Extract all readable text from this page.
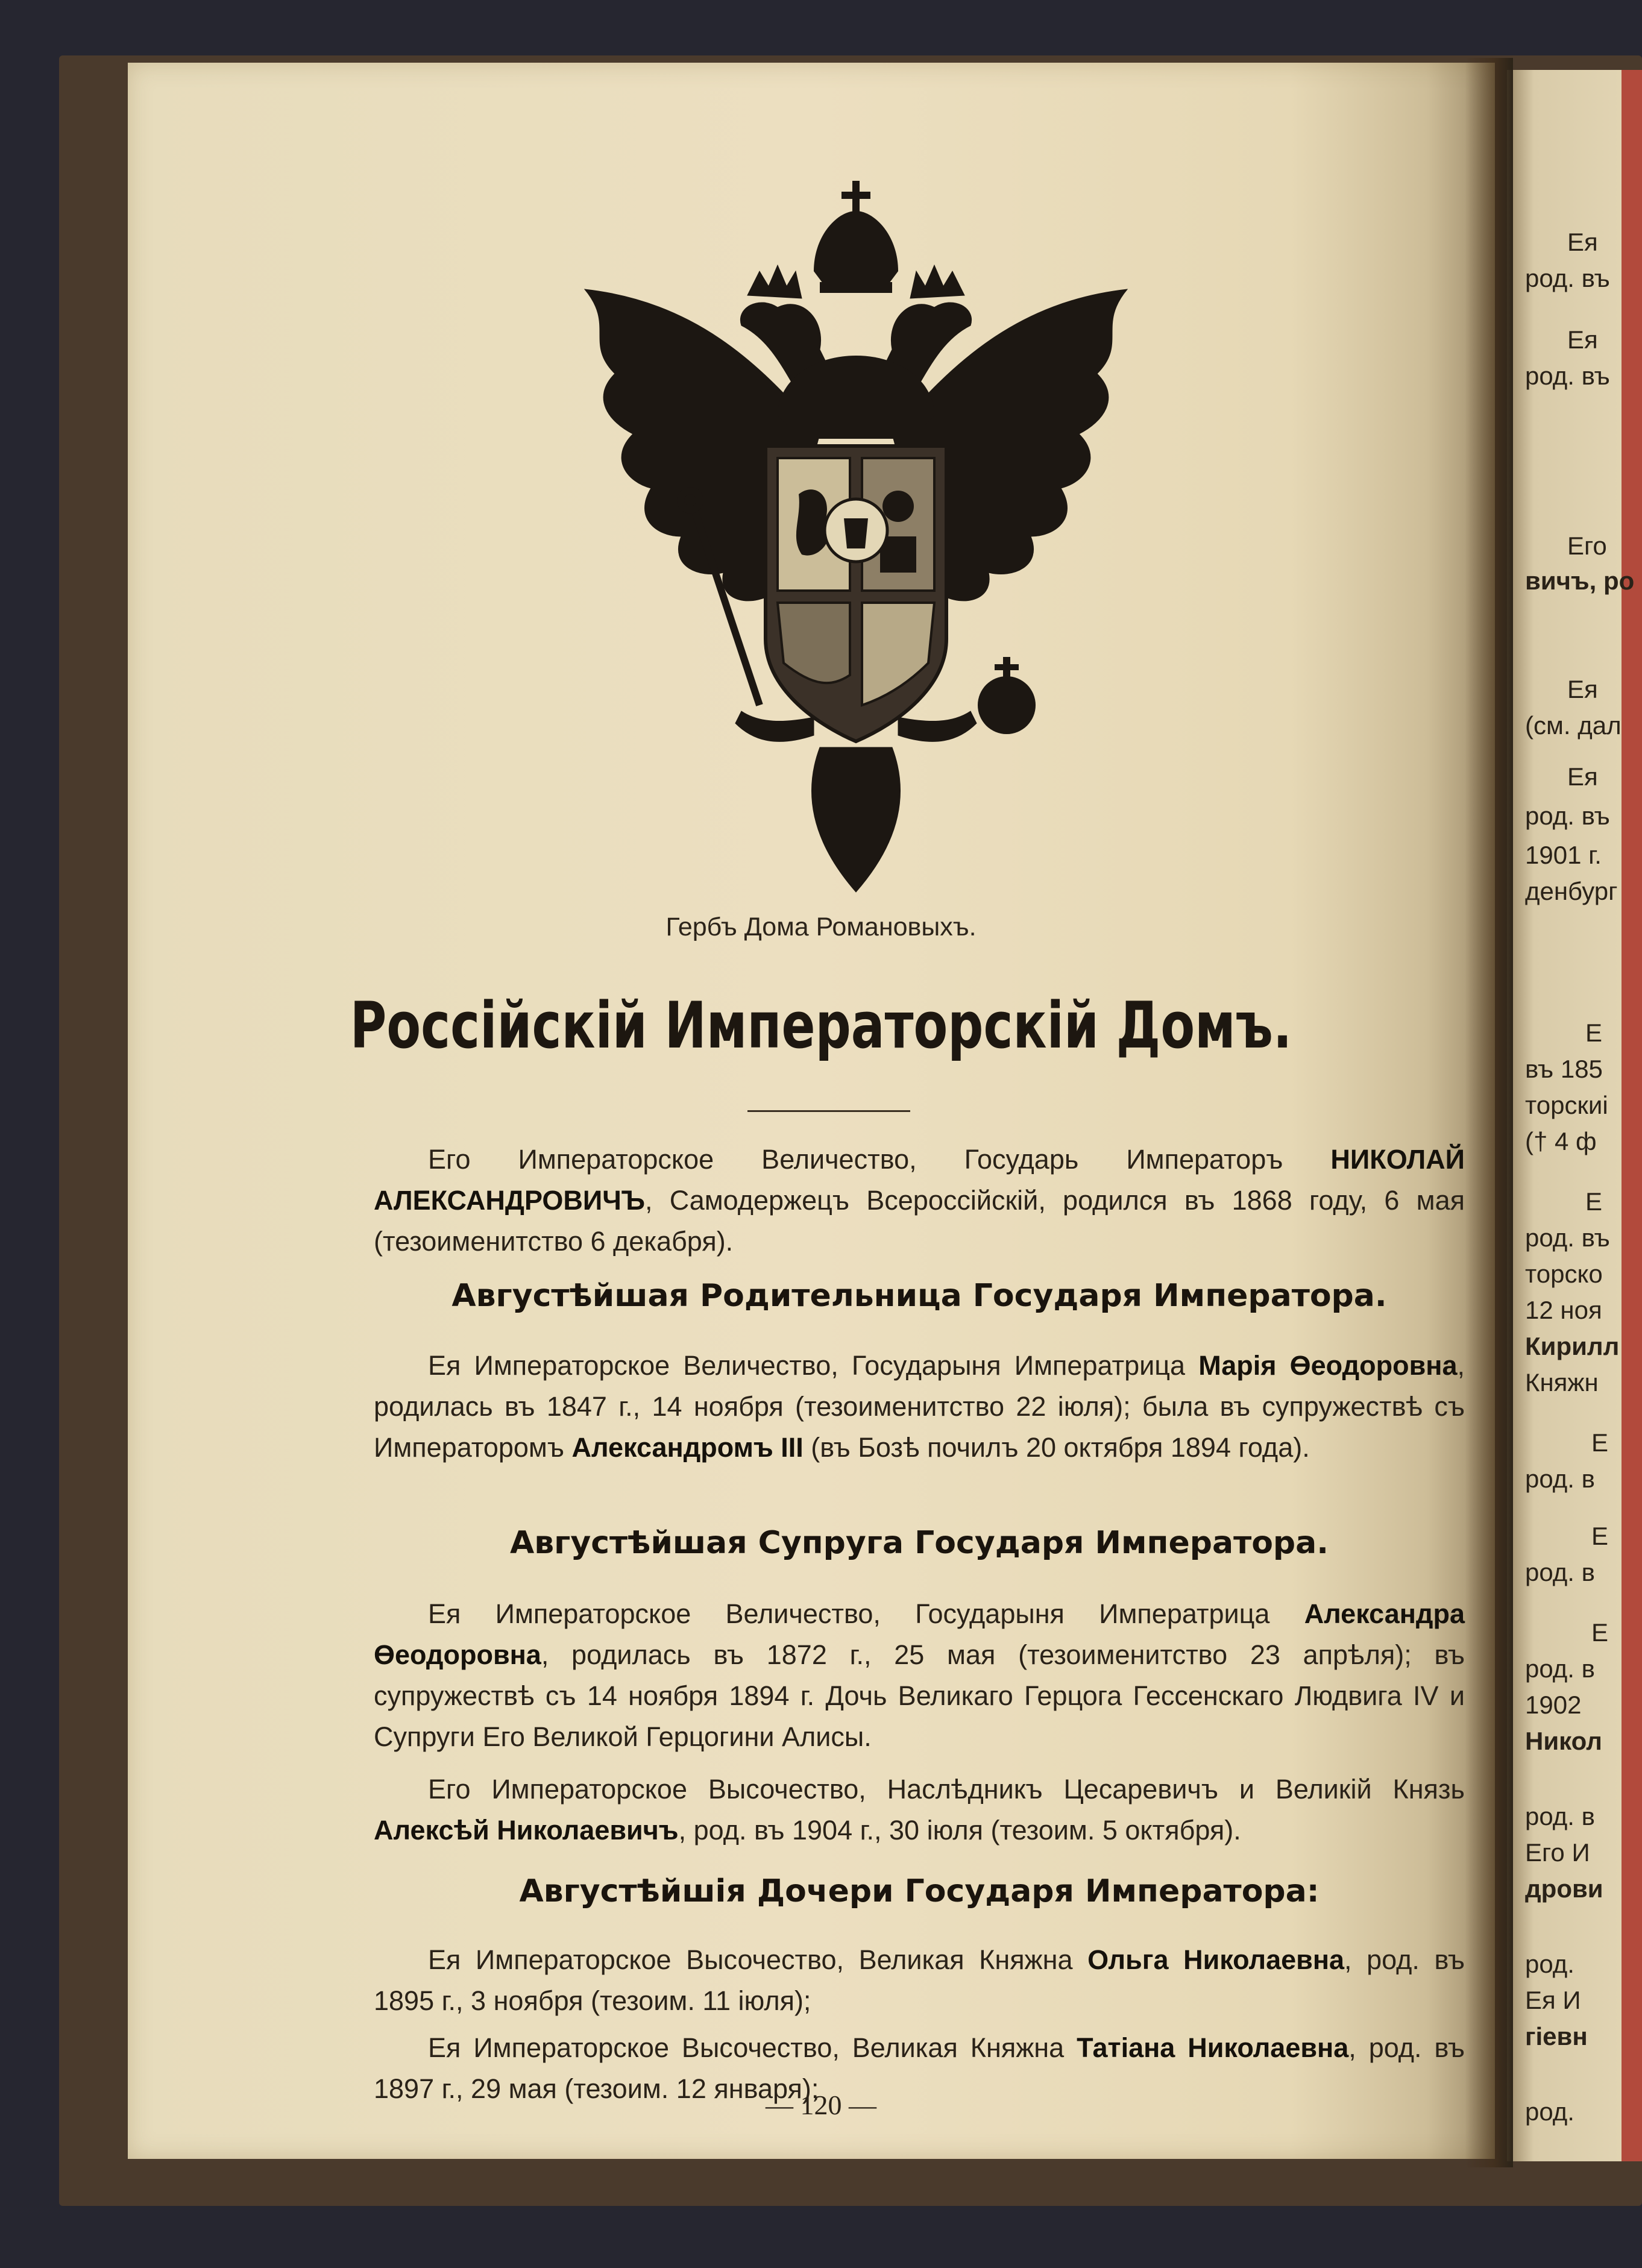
Гербъ Дома Романовыхъ.
Россійскій Императорскій Домъ.
Его Императорское Величество, Государь Императоръ НИКОЛАЙ АЛЕКСАНДРОВИЧЪ, Самодержецъ Всероссійскій, родился въ 1868 году, 6 мая (тезоименитство 6 декабря).
Августѣйшая Родительница Государя Императора.
Ея Императорское Величество, Государыня Императрица Марія Өеодоровна, родилась въ 1847 г., 14 ноября (тезоименитство 22 іюля); была въ супружествѣ съ Императоромъ Александромъ III (въ Бозѣ почилъ 20 октября 1894 года).
Августѣйшая Супруга Государя Императора.
Ея Императорское Величество, Государыня Императрица Александра Өеодоровна, родилась въ 1872 г., 25 мая (тезоименитство 23 апрѣля); въ супружествѣ съ 14 ноября 1894 г. Дочь Великаго Герцога Гессенскаго Людвига IV и Супруги Его Великой Герцогини Алисы.
Его Императорское Высочество, Наслѣдникъ Цесаревичъ и Великій Князь Алексѣй Николаевичъ, род. въ 1904 г., 30 іюля (тезоим. 5 октября).
Августѣйшія Дочери Государя Императора:
Ея Императорское Высочество, Великая Княжна Ольга Николаевна, род. въ 1895 г., 3 ноября (тезоим. 11 іюля);
Ея Императорское Высочество, Великая Княжна Татіана Николаевна, род. въ 1897 г., 29 мая (тезоим. 12 января);
— 120 —
Ея
род. въ
Ея
род. въ
Его
вичъ, ро
Ея
(см. дал
Ея
род. въ
1901 г.
денбург
Е
въ 185
торскиі
(† 4 ф
Е
род. въ
торско
12 ноя
Кирилл
Княжн
Е
род. в
Е
род. в
Е
род. в
1902
Никол
род. в
Его И
дрови
род.
Ея И
гіевн
род.
